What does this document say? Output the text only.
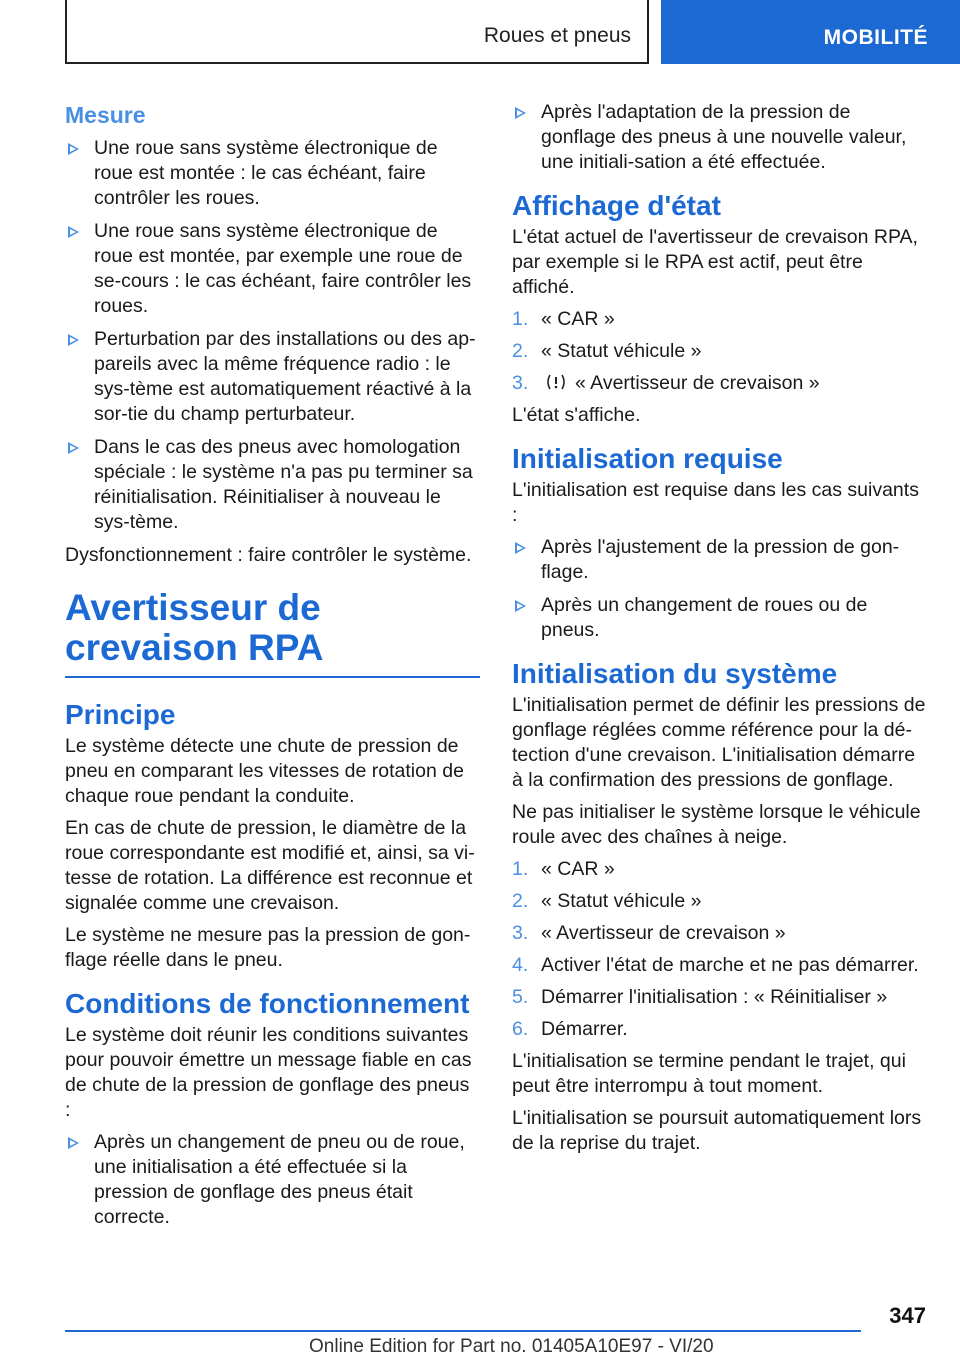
Roues et pneus	MOBILITÉ
Mesure
Une roue sans système électronique de roue est montée : le cas échéant, faire contrôler les roues.
Une roue sans système électronique de roue est montée, par exemple une roue de se-cours : le cas échéant, faire contrôler les roues.
Perturbation par des installations ou des ap-pareils avec la même fréquence radio : le sys-tème est automatiquement réactivé à la sor-tie du champ perturbateur.
Dans le cas des pneus avec homologation spéciale : le système n'a pas pu terminer sa réinitialisation. Réinitialiser à nouveau le sys-tème.

Dysfonctionnement : faire contrôler le système.

Avertisseur de crevaison RPA
Principe

Le système détecte une chute de pression de pneu en comparant les vitesses de rotation de chaque roue pendant la conduite.

En cas de chute de pression, le diamètre de la roue correspondante est modifié et, ainsi, sa vi-tesse de rotation. La différence est reconnue et signalée comme une crevaison.

Le système ne mesure pas la pression de gon-flage réelle dans le pneu.

Conditions de fonctionnement

Le système doit réunir les conditions suivantes pour pouvoir émettre un message fiable en cas de chute de la pression de gonflage des pneus :

Après un changement de pneu ou de roue, une initialisation a été effectuée si la pression de gonflage des pneus était correcte.
Après l'adaptation de la pression de gonflage des pneus à une nouvelle valeur, une initiali-sation a été effectuée.
Affichage d'état

L'état actuel de l'avertisseur de crevaison RPA, par exemple si le RPA est actif, peut être affiché.

1. « CAR »
2. « Statut véhicule »
3. « Avertisseur de crevaison »

L'état s'affiche.

Initialisation requise

L'initialisation est requise dans les cas suivants :

Après l'ajustement de la pression de gon-flage.
Après un changement de roues ou de pneus.
Initialisation du système

L'initialisation permet de définir les pressions de gonflage réglées comme référence pour la dé-tection d'une crevaison. L'initialisation démarre à la confirmation des pressions de gonflage.

Ne pas initialiser le système lorsque le véhicule roule avec des chaînes à neige.

1. « CAR »
2. « Statut véhicule »
3. « Avertisseur de crevaison »
4. Activer l'état de marche et ne pas démarrer.
5. Démarrer l'initialisation : « Réinitialiser »
6. Démarrer.

L'initialisation se termine pendant le trajet, qui peut être interrompu à tout moment.

L'initialisation se poursuit automatiquement lors de la reprise du trajet.

347
Online Edition for Part no. 01405A10E97 - VI/20
